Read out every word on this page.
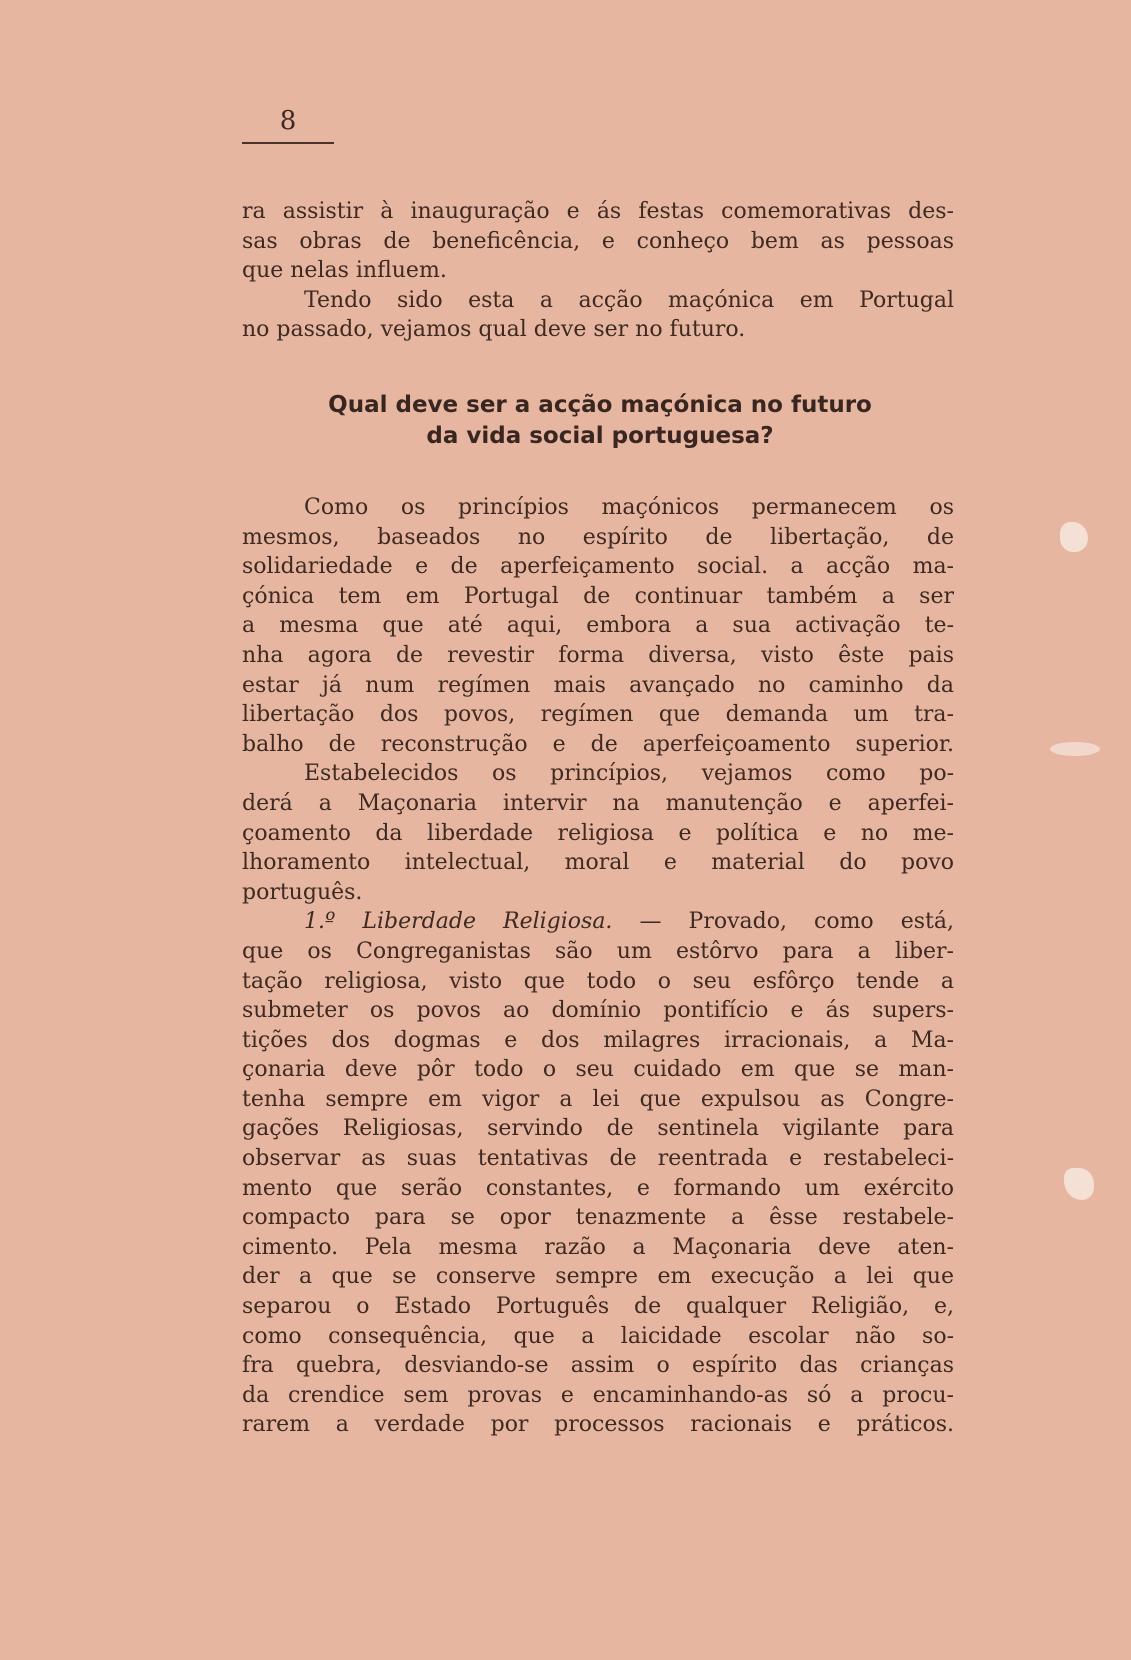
8
ra assistir à inauguração e ás festas comemorativas des-
sas obras de beneficência, e conheço bem as pessoas
que nelas influem.
Tendo sido esta a acção maçónica em Portugal
no passado, vejamos qual deve ser no futuro.
Qual deve ser a acção maçónica no futuro
da vida social portuguesa?
Como os princípios maçónicos permanecem os
mesmos, baseados no espírito de libertação, de
solidariedade e de aperfeiçamento social. a acção ma-
çónica tem em Portugal de continuar também a ser
a mesma que até aqui, embora a sua activação te-
nha agora de revestir forma diversa, visto êste pais
estar já num regímen mais avançado no caminho da
libertação dos povos, regímen que demanda um tra-
balho de reconstrução e de aperfeiçoamento superior.
Estabelecidos os princípios, vejamos como po-
derá a Maçonaria intervir na manutenção e aperfei-
çoamento da liberdade religiosa e política e no me-
lhoramento intelectual, moral e material do povo
português.
1.º Liberdade Religiosa. — Provado, como está,
que os Congreganistas são um estôrvo para a liber-
tação religiosa, visto que todo o seu esfôrço tende a
submeter os povos ao domínio pontifício e ás supers-
tições dos dogmas e dos milagres irracionais, a Ma-
çonaria deve pôr todo o seu cuidado em que se man-
tenha sempre em vigor a lei que expulsou as Congre-
gações Religiosas, servindo de sentinela vigilante para
observar as suas tentativas de reentrada e restabeleci-
mento que serão constantes, e formando um exército
compacto para se opor tenazmente a êsse restabele-
cimento. Pela mesma razão a Maçonaria deve aten-
der a que se conserve sempre em execução a lei que
separou o Estado Português de qualquer Religião, e,
como consequência, que a laicidade escolar não so-
fra quebra, desviando-se assim o espírito das crianças
da crendice sem provas e encaminhando-as só a procu-
rarem a verdade por processos racionais e práticos.
